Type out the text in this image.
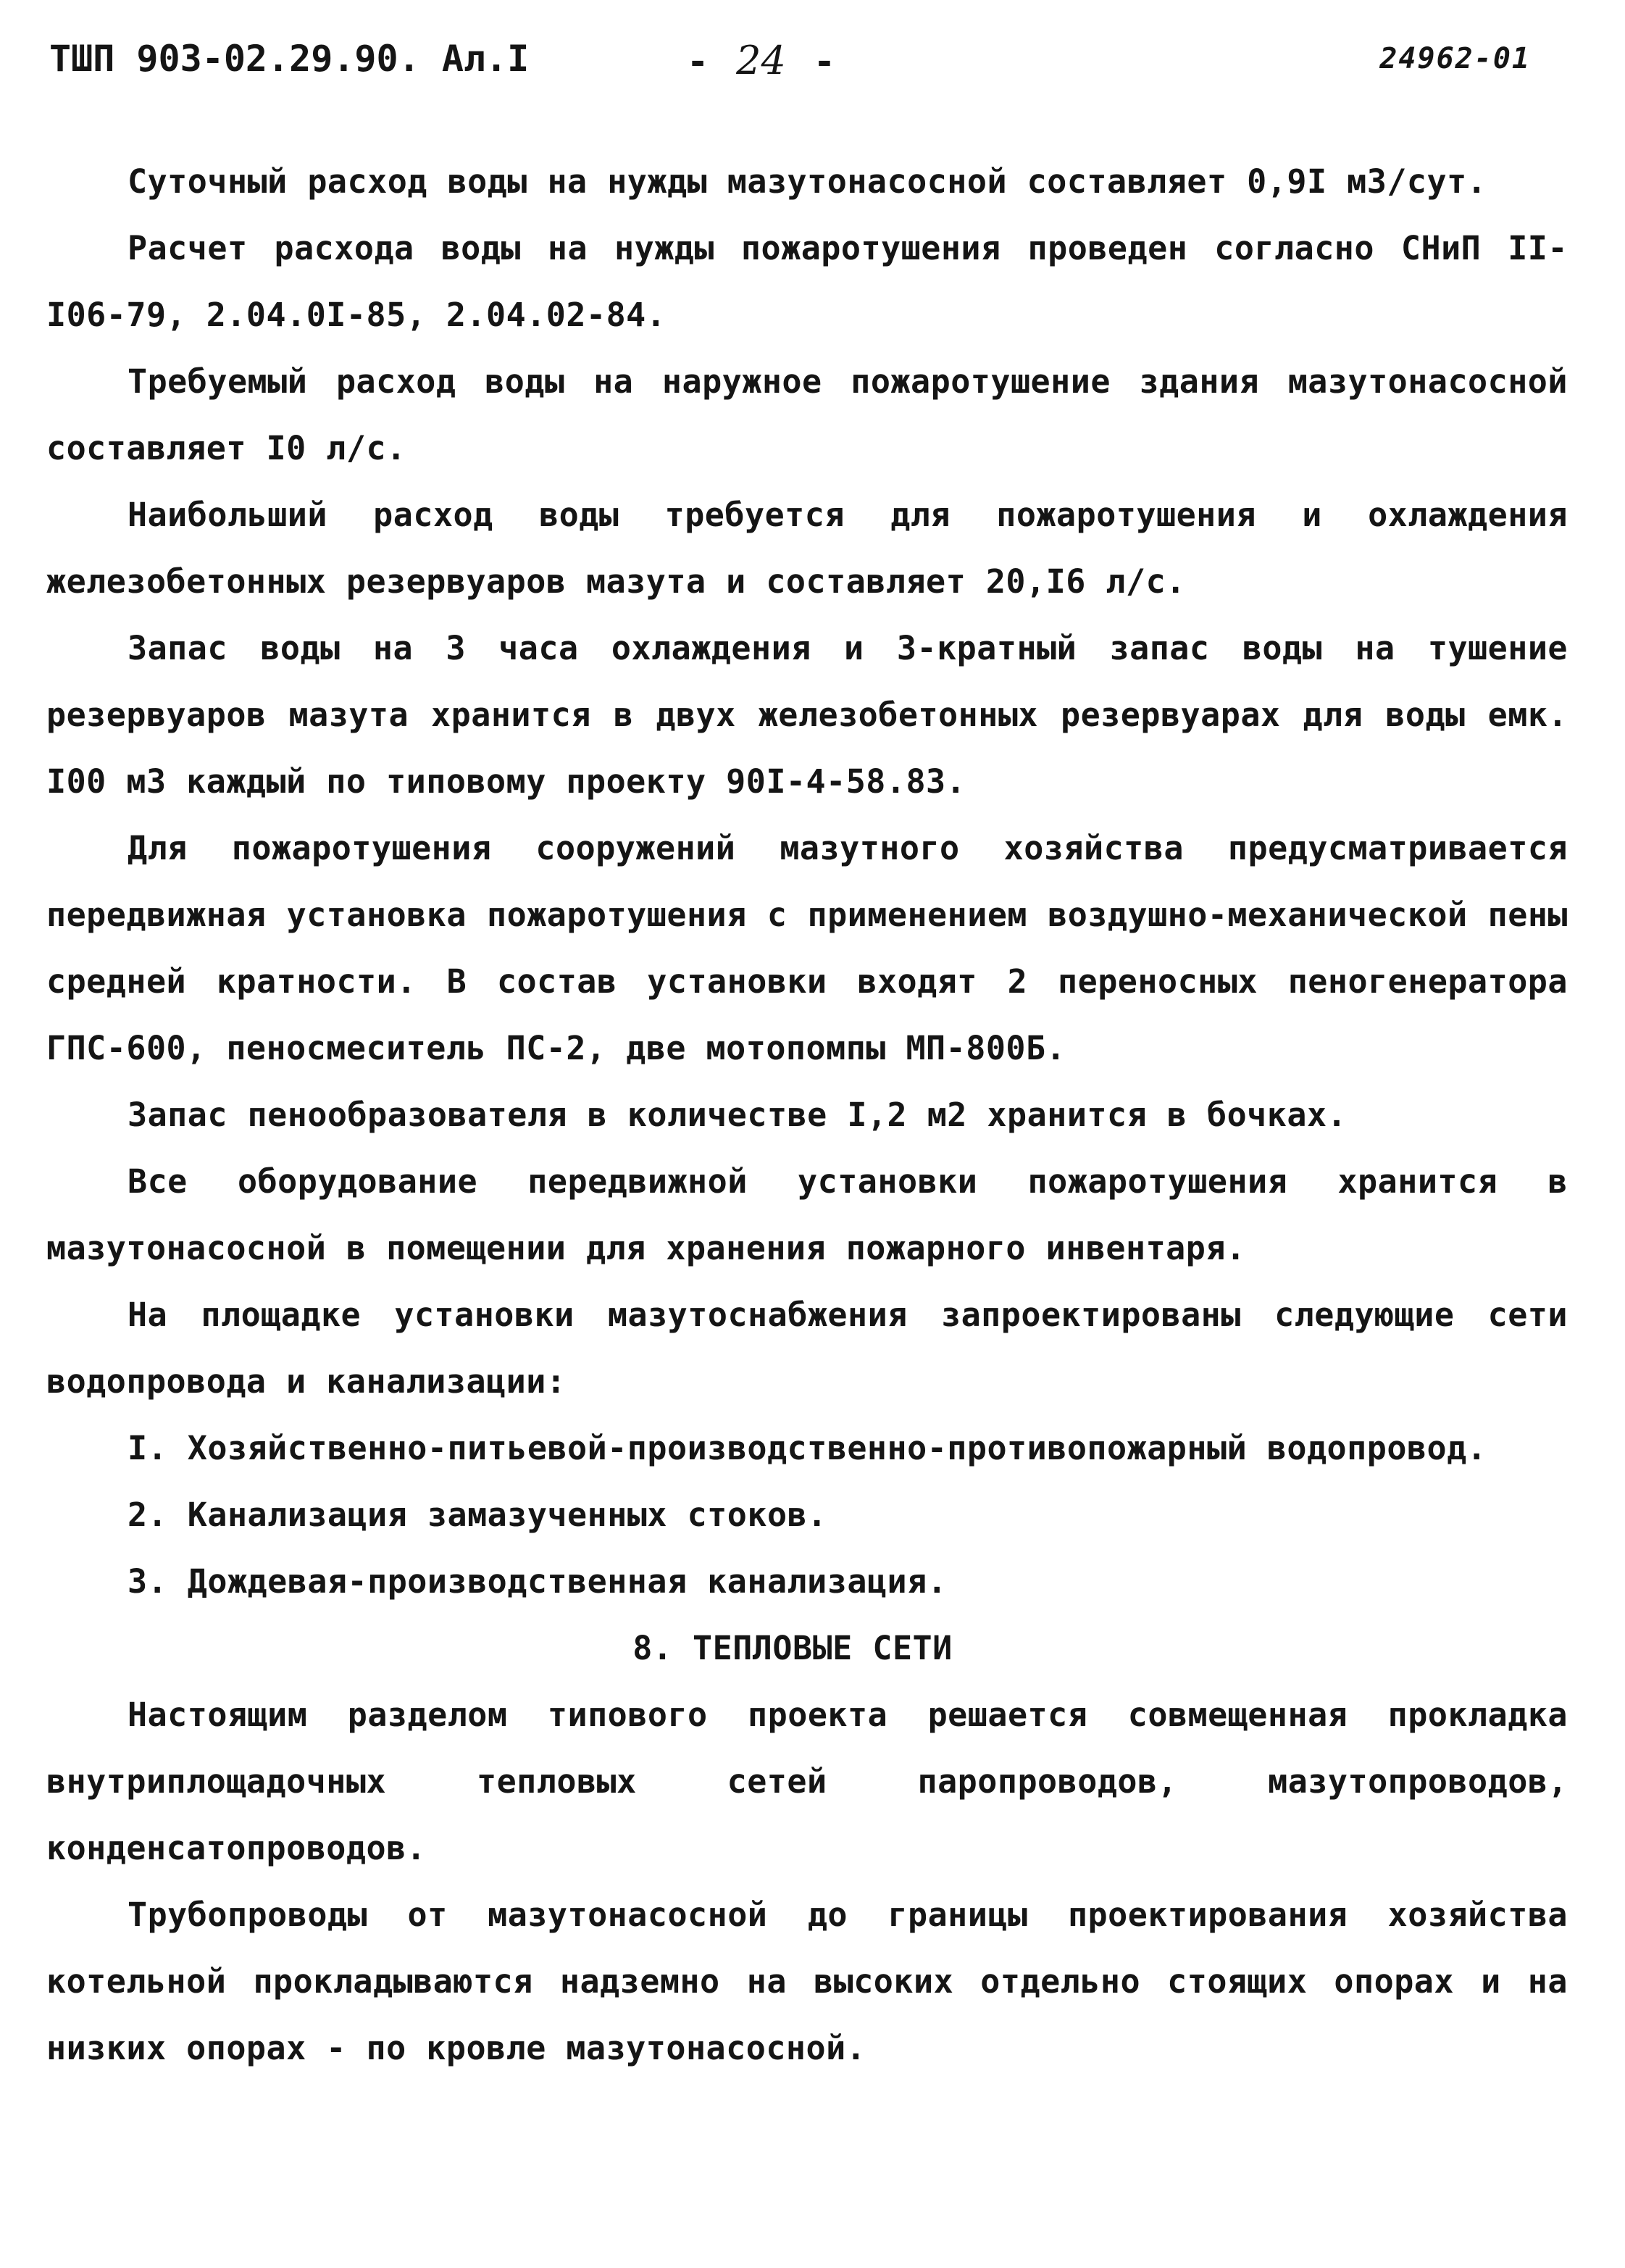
ТШП 903-02.29.90. Ал.I	- 24 -	24962-01

Суточный расход воды на нужды мазутонасосной составляет 0,9I м3/сут.

Расчет расхода воды на нужды пожаротушения проведен согласно СНиП II-I06-79, 2.04.0I-85, 2.04.02-84.

Требуемый расход воды на наружное пожаротушение здания мазутонасосной составляет I0 л/с.

Наибольший расход воды требуется для пожаротушения и охлаждения железобетонных резервуаров мазута и составляет 20,I6 л/с.

Запас воды на 3 часа охлаждения и 3-кратный запас воды на тушение резервуаров мазута хранится в двух железобетонных резервуарах для воды емк. I00 м3 каждый по типовому проекту 90I-4-58.83.

Для пожаротушения сооружений мазутного хозяйства предусматривается передвижная установка пожаротушения с применением воздушно-механической пены средней кратности. В состав установки входят 2 переносных пеногенератора ГПС-600, пеносмеситель ПС-2, две мотопомпы МП-800Б.

Запас пенообразователя в количестве I,2 м2 хранится в бочках.

Все оборудование передвижной установки пожаротушения хранится в мазутонасосной в помещении для хранения пожарного инвентаря.

На площадке установки мазутоснабжения запроектированы следующие сети водопровода и канализации:

I. Хозяйственно-питьевой-производственно-противопожарный водопровод.

2. Канализация замазученных стоков.

3. Дождевая-производственная канализация.

8. ТЕПЛОВЫЕ СЕТИ

Настоящим разделом типового проекта решается совмещенная прокладка внутриплощадочных тепловых сетей паропроводов, мазутопроводов, конденсатопроводов.

Трубопроводы от мазутонасосной до границы проектирования хозяйства котельной прокладываются надземно на высоких отдельно стоящих опорах и на низких опорах - по кровле мазутонасосной.
